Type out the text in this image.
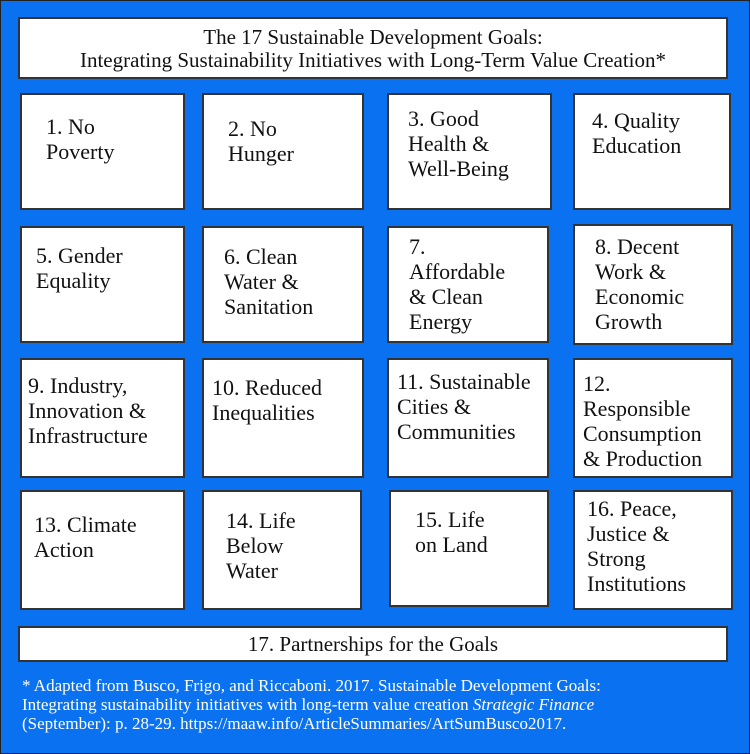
The 17 Sustainable Development Goals:
Integrating Sustainability Initiatives with Long-Term Value Creation*
1. No
Poverty
2. No
Hunger
3. Good
Health &
Well-Being
4. Quality
Education
5. Gender
Equality
6. Clean
Water &
Sanitation
7.
Affordable
& Clean
Energy
8. Decent
Work &
Economic
Growth
9. Industry,
Innovation &
Infrastructure
10. Reduced
Inequalities
11. Sustainable
Cities &
Communities
12.
Responsible
Consumption
& Production
13. Climate
Action
14. Life
Below
Water
15. Life
on Land
16. Peace,
Justice &
Strong
Institutions
17. Partnerships for the Goals
* Adapted from Busco, Frigo, and Riccaboni. 2017. Sustainable Development Goals:
Integrating sustainability initiatives with long-term value creation Strategic Finance
(September): p. 28-29. https://maaw.info/ArticleSummaries/ArtSumBusco2017.
